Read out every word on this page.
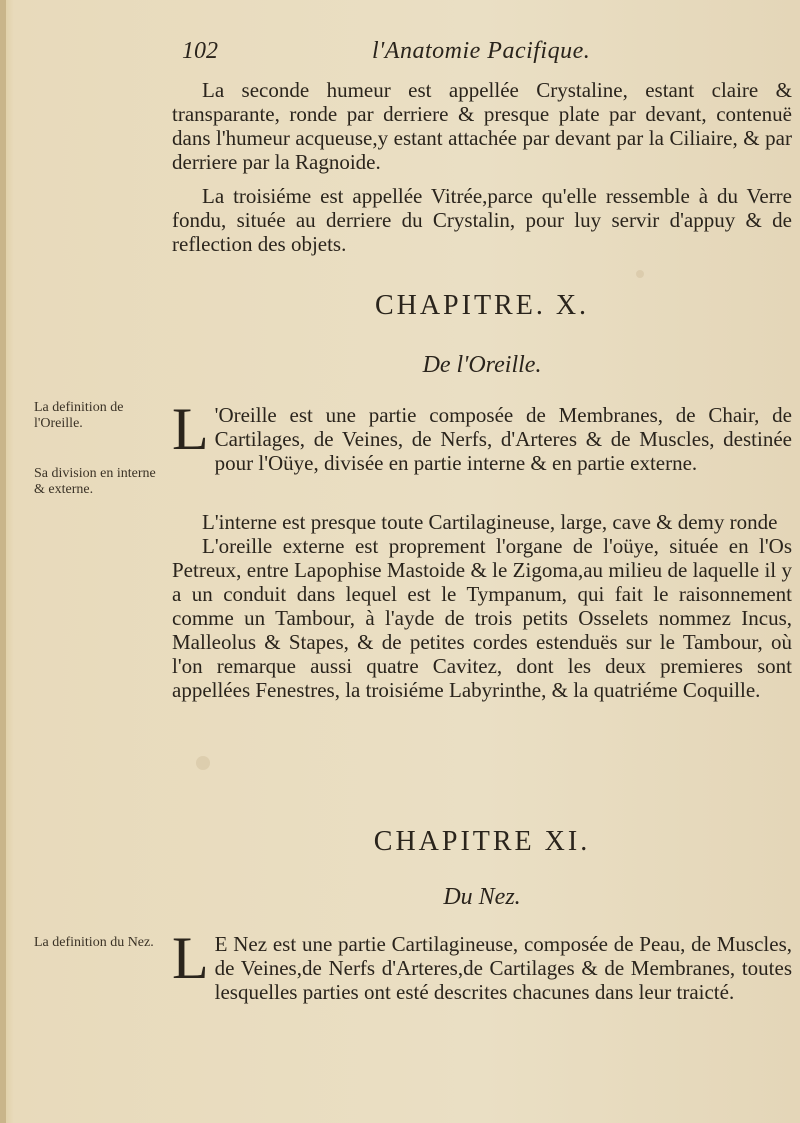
102	l'Anatomie Pacifique.

La seconde humeur est appellée Crystaline, estant claire & transparante, ronde par derriere & presque plate par devant, contenuë dans l'humeur acqueuse,y estant attachée par devant par la Ciliaire, & par derriere par la Ragnoide.

La troisiéme est appellée Vitrée,parce qu'elle ressemble à du Verre fondu, située au derriere du Crystalin, pour luy servir d'appuy & de reflection des objets.

CHAPITRE. X.
De l'Oreille.
La definition de l'Oreille.
Sa division en interne & externe.
L 'Oreille est une partie composée de Membranes, de Chair, de Cartilages, de Veines, de Nerfs, d'Arteres & de Muscles, destinée pour l'Oüye, divisée en partie interne & en partie externe.

L'interne est presque toute Cartilagineuse, large, cave & demy ronde

L'oreille externe est proprement l'organe de l'oüye, située en l'Os Petreux, entre Lapophise Mastoide & le Zigoma,au milieu de laquelle il y a un conduit dans lequel est le Tympanum, qui fait le raisonnement comme un Tambour, à l'ayde de trois petits Osselets nommez Incus, Malleolus & Stapes, & de petites cordes estenduës sur le Tambour, où l'on remarque aussi quatre Cavitez, dont les deux premieres sont appellées Fenestres, la troisiéme Labyrinthe, & la quatriéme Coquille.

CHAPITRE XI.
Du Nez.
La definition du Nez. L E Nez est une partie Cartilagineuse, composée de Peau, de Muscles, de Veines,de Nerfs d'Arteres,de Cartilages & de Membranes, toutes lesquelles parties ont esté descrites chacunes dans leur traicté.
